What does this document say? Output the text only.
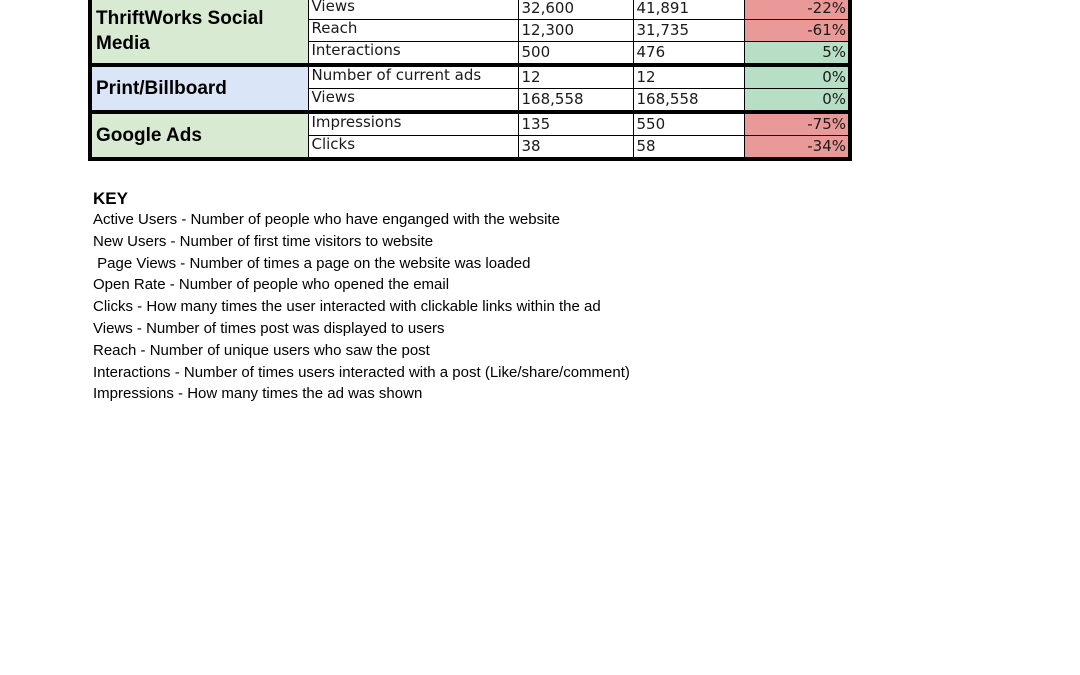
ThriftWorks Social Media	Views	32,600	41,891	-22%
	Reach	12,300	31,735	-61%
	Interactions	500	476	5%
Print/Billboard	Number of current ads	12	12	0%
	Views	168,558	168,558	0%
Google Ads	Impressions	135	550	-75%
	Clicks	38	58	-34%

KEY

Active Users - Number of people who have enganged with the website

New Users - Number of first time visitors to website

Page Views - Number of times a page on the website was loaded

Open Rate - Number of people who opened the email

Clicks - How many times the user interacted with clickable links within the ad

Views - Number of times post was displayed to users

Reach - Number of unique users who saw the post

Interactions - Number of times users interacted with a post (Like/share/comment)

Impressions - How many times the ad was shown
